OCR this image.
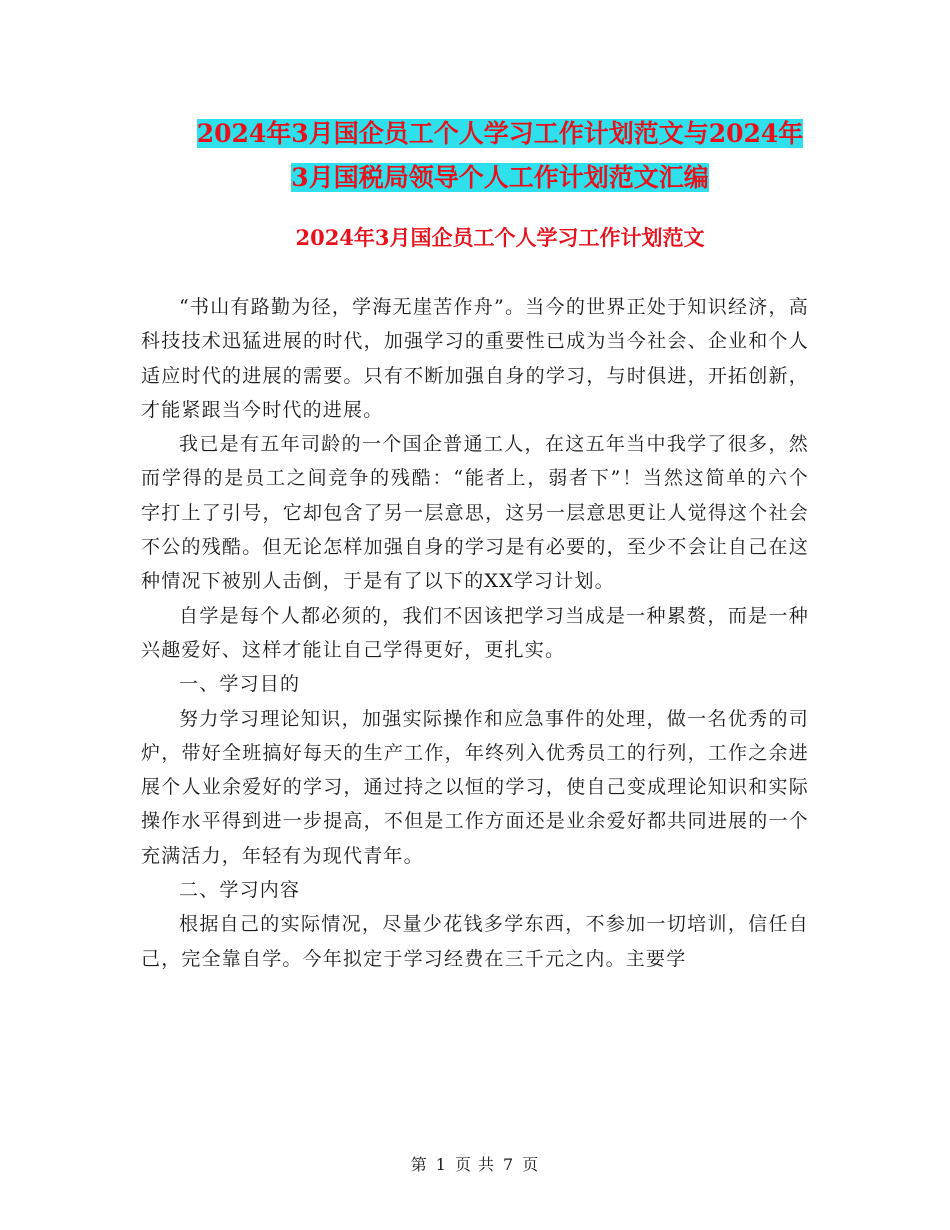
2024年3月国企员工个人学习工作计划范文与2024年
3月国税局领导个人工作计划范文汇编
2024年3月国企员工个人学习工作计划范文

“书山有路勤为径，学海无崖苦作舟”。当今的世界正处于知识经济，高科技技术迅猛进展的时代，加强学习的重要性已成为当今社会、企业和个人适应时代的进展的需要。只有不断加强自身的学习，与时俱进，开拓创新，才能紧跟当今时代的进展。

我已是有五年司龄的一个国企普通工人，在这五年当中我学了很多，然而学得的是员工之间竞争的残酷：“能者上，弱者下”！当然这简单的六个字打上了引号，它却包含了另一层意思，这另一层意思更让人觉得这个社会不公的残酷。但无论怎样加强自身的学习是有必要的，至少不会让自己在这种情况下被别人击倒，于是有了以下的XX学习计划。

自学是每个人都必须的，我们不因该把学习当成是一种累赘，而是一种兴趣爱好、这样才能让自己学得更好，更扎实。

一、学习目的

努力学习理论知识，加强实际操作和应急事件的处理，做一名优秀的司炉，带好全班搞好每天的生产工作，年终列入优秀员工的行列，工作之余进展个人业余爱好的学习，通过持之以恒的学习，使自己变成理论知识和实际操作水平得到进一步提高，不但是工作方面还是业余爱好都共同进展的一个充满活力，年轻有为现代青年。

二、学习内容

根据自己的实际情况，尽量少花钱多学东西，不参加一切培训，信任自己，完全靠自学。今年拟定于学习经费在三千元之内。主要学

第 1 页 共 7 页
